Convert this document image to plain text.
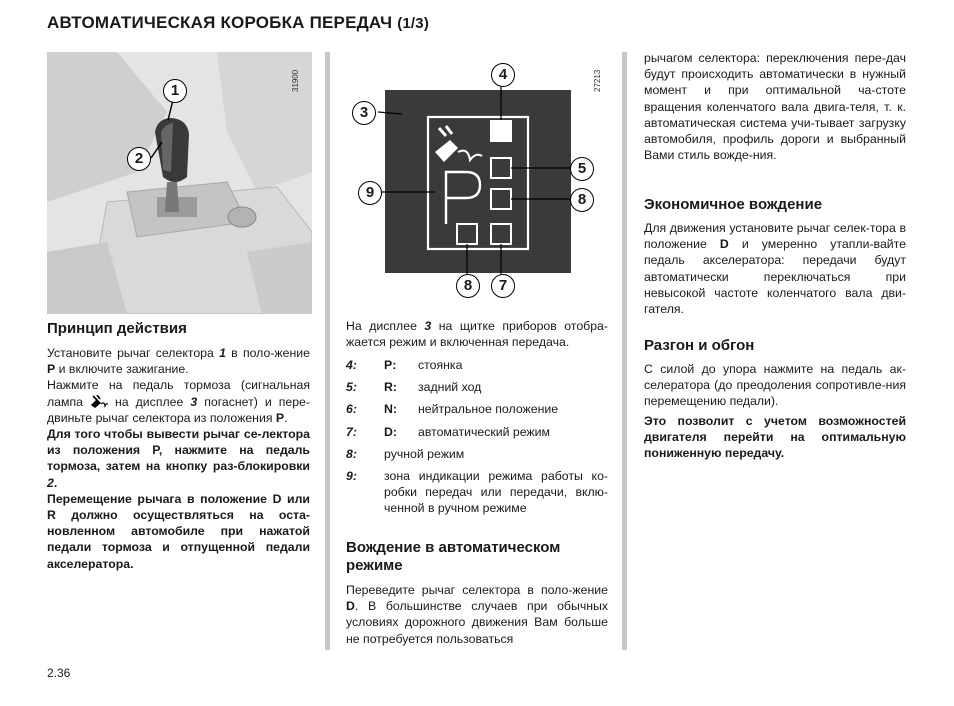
АВТОМАТИЧЕСКАЯ КОРОБКА ПЕРЕДАЧ (1/3)
1
2
31900
3
4
5
8
7
8
9
27213
Принцип действия

Установите рычаг селектора 1 в поло-жение P и включите зажигание.

Нажмите на педаль тормоза (сигнальная лампа  на дисплее 3 погаснет) и пере-двиньте рычаг селектора из положения P.

Для того чтобы вывести рычаг се-лектора из положения P, нажмите на педаль тормоза, затем на кнопку раз-блокировки 2.

Перемещение рычага в положение D или R должно осуществляться на оста-новленном автомобиле при нажатой педали тормоза и отпущенной педали акселератора.

На дисплее 3 на щитке приборов отобра-жается режим и включенная передача.

4: P: стоянка
5: R: задний ход
6: N: нейтральное положение
7: D: автоматический режим
8: ручной режим
9: зона индикации режима работы ко-робки передач или передачи, вклю-ченной в ручном режиме
Вождение в автоматическом режиме

Переведите рычаг селектора в поло-жение D. В большинстве случаев при обычных условиях дорожного движения Вам больше не потребуется пользоваться

рычагом селектора: переключения пере-дач будут происходить автоматически в нужный момент и при оптимальной ча-стоте вращения коленчатого вала двига-теля, т. к. автоматическая система учи-тывает загрузку автомобиля, профиль дороги и выбранный Вами стиль вожде-ния.

Экономичное вождение

Для движения установите рычаг селек-тора в положение D и умеренно утапли-вайте педаль акселератора: передачи будут автоматически переключаться при невысокой частоте коленчатого вала дви-гателя.

Разгон и обгон

С силой до упора нажмите на педаль ак-селератора (до преодоления сопротивле-ния перемещению педали).

Это позволит с учетом возможностей двигателя перейти на оптимальную пониженную передачу.
2.36
